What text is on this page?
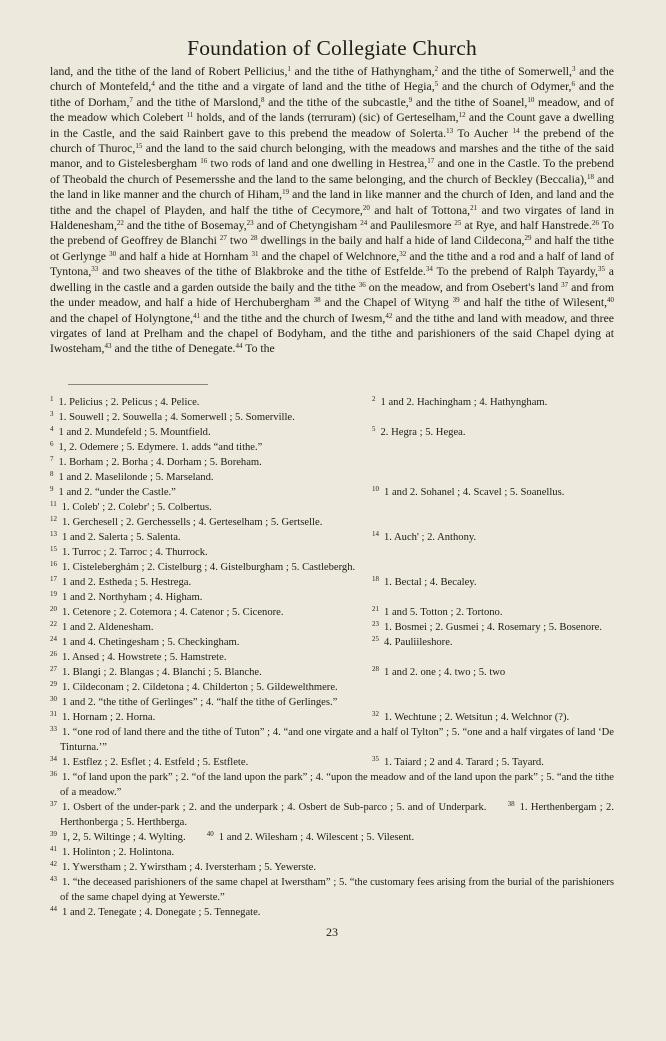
Foundation of Collegiate Church

land, and the tithe of the land of Robert Pellicius,$^1$ and the tithe of Hathyngham,$^2$ and the tithe of Somerwell,$^3$ and the church of Montefeld,$^4$ and the tithe and a virgate of land and the tithe of Hegia,$^5$ and the church of Odymer,$^6$ and the tithe of Dorham,$^7$ and the tithe of Marslond,$^8$ and the tithe of the subcastle,$^9$ and the tithe of Soanel,$^{10}$ meadow, and of the meadow which Colebert $^{11}$ holds, and of the lands (terruram) (sic) of Gerteselham,$^{12}$ and the Count gave a dwelling in the Castle, and the said Rainbert gave to this prebend the meadow of Solerta.$^{13}$ To Aucher $^{14}$ the prebend of the church of Thuroc,$^{15}$ and the land to the said church belonging, with the meadows and marshes and the tithe of the said manor, and to Gistelesbergham $^{16}$ two rods of land and one dwelling in Hestrea,$^{17}$ and one in the Castle. To the prebend of Theobald the church of Pesemersshe and the land to the same belonging, and the church of Beckley (Beccalia),$^{18}$ and the land in like manner and the church of Hiham,$^{19}$ and the land in like manner and the church of Iden, and land and the tithe and the chapel of Playden, and half the tithe of Cecymore,$^{20}$ and halt of Tottona,$^{21}$ and two virgates of land in Haldenesham,$^{22}$ and the tithe of Bosemay,$^{23}$ and of Chetyngisham $^{24}$ and Paulilesmore $^{25}$ at Rye, and half Hanstrede.$^{26}$ To the prebend of Geoffrey de Blanchi $^{27}$ two $^{28}$ dwellings in the baily and half a hide of land Cildecona,$^{29}$ and half the tithe ot Gerlynge $^{30}$ and half a hide at Hornham $^{31}$ and the chapel of Welchnore,$^{32}$ and the tithe and a rod and a half of land of Tyntona,$^{33}$ and two sheaves of the tithe of Blakbroke and the tithe of Estfelde.$^{34}$ To the prebend of Ralph Tayardy,$^{35}$ a dwelling in the castle and a garden outside the baily and the tithe $^{36}$ on the meadow, and from Osebert's land $^{37}$ and from the under meadow, and half a hide of Herchubergham $^{38}$ and the Chapel of Wityng $^{39}$ and half the tithe of Wilesent,$^{40}$ and the chapel of Holyngtone,$^{41}$ and the tithe and the church of Iwesm,$^{42}$ and the tithe and land with meadow, and three virgates of land at Prelham and the chapel of Bodyham, and the tithe and parishioners of the said Chapel dying at Iwosteham,$^{43}$ and the tithe of Denegate.$^{44}$ To the

$^1$ 1. Pelicius ; 2. Pelicus ; 4. Pelice.	$^2$ 1 and 2. Hachingham ; 4. Hathyngham.
$^3$ 1. Souwell ; 2. Souwella ; 4. Somerwell ; 5. Somerville.
$^4$ 1 and 2. Mundefeld ; 5. Mountfield.	$^5$ 2. Hegra ; 5. Hegea.
$^6$ 1, 2. Odemere ; 5. Edymere. 1. adds “and tithe.”
$^7$ 1. Borham ; 2. Borha ; 4. Dorham ; 5. Boreham.
$^8$ 1 and 2. Maselilonde ; 5. Marseland.
$^9$ 1 and 2. “under the Castle.”	$^{10}$ 1 and 2. Sohanel ; 4. Scavel ; 5. Soanellus.
$^{11}$ 1. Coleb' ; 2. Colebr' ; 5. Colbertus.
$^{12}$ 1. Gerchesell ; 2. Gerchessells ; 4. Gerteselham ; 5. Gertselle.
$^{13}$ 1 and 2. Salerta ; 5. Salenta.	$^{14}$ 1. Auch' ; 2. Anthony.
$^{15}$ 1. Turroc ; 2. Tarroc ; 4. Thurrock.
$^{16}$ 1. Cisteleberghám ; 2. Cistelburg ; 4. Gistelburgham ; 5. Castlebergh.
$^{17}$ 1 and 2. Estheda ; 5. Hestrega.	$^{18}$ 1. Bectal ; 4. Becaley.
$^{19}$ 1 and 2. Northyham ; 4. Higham.
$^{20}$ 1. Cetenore ; 2. Cotemora ; 4. Catenor ; 5. Cicenore.	$^{21}$ 1 and 5. Totton ; 2. Tortono.
$^{22}$ 1 and 2. Aldenesham.	$^{23}$ 1. Bosmei ; 2. Gusmei ; 4. Rosemary ; 5. Bosenore.
$^{24}$ 1 and 4. Chetingesham ; 5. Checkingham.	$^{25}$ 4. Pauliileshore.
$^{26}$ 1. Ansed ; 4. Howstrete ; 5. Hamstrete.
$^{27}$ 1. Blangi ; 2. Blangas ; 4. Blanchi ; 5. Blanche.	$^{28}$ 1 and 2. one ; 4. two ; 5. two
$^{29}$ 1. Cildeconam ; 2. Cildetona ; 4. Childerton ; 5. Gildewelthmere.
$^{30}$ 1 and 2. “the tithe of Gerlinges” ; 4. “half the tithe of Gerlinges.”
$^{31}$ 1. Hornam ; 2. Horna.	$^{32}$ 1. Wechtune ; 2. Wetsitun ; 4. Welchnor (?).
$^{33}$ 1. “one rod of land there and the tithe of Tuton” ; 4. “and one virgate and a half ol Tylton” ; 5. “one and a half virgates of land ‘De Tinturna.’”
$^{34}$ 1. Estflez ; 2. Esflet ; 4. Estfeld ; 5. Estflete.	$^{35}$ 1. Taiard ; 2 and 4. Tarard ; 5. Tayard.
$^{36}$ 1. “of land upon the park” ; 2. “of the land upon the park” ; 4. “upon the meadow and of the land upon the park” ; 5. “and the tithe of a meadow.”
$^{37}$ 1. Osbert of the under-park ; 2. and the underpark ; 4. Osbert de Sub-parco ; 5. and of Underpark.  	$^{38}$ 1. Herthenbergam ; 2. Herthonberga ; 5. Herthberga.
$^{39}$ 1, 2, 5. Wiltinge ; 4. Wylting.  	$^{40}$ 1 and 2. Wilesham ; 4. Wilescent ; 5. Vilesent.
$^{41}$ 1. Holinton ; 2. Holintona.
$^{42}$ 1. Ywerstham ; 2. Ywirstham ; 4. Iversterham ; 5. Yewerste.
$^{43}$ 1. “the deceased parishioners of the same chapel at Iwerstham” ; 5. “the customary fees arising from the burial of the parishioners of the same chapel dying at Yewerste.”
$^{44}$ 1 and 2. Tenegate ; 4. Donegate ; 5. Tennegate.
23
